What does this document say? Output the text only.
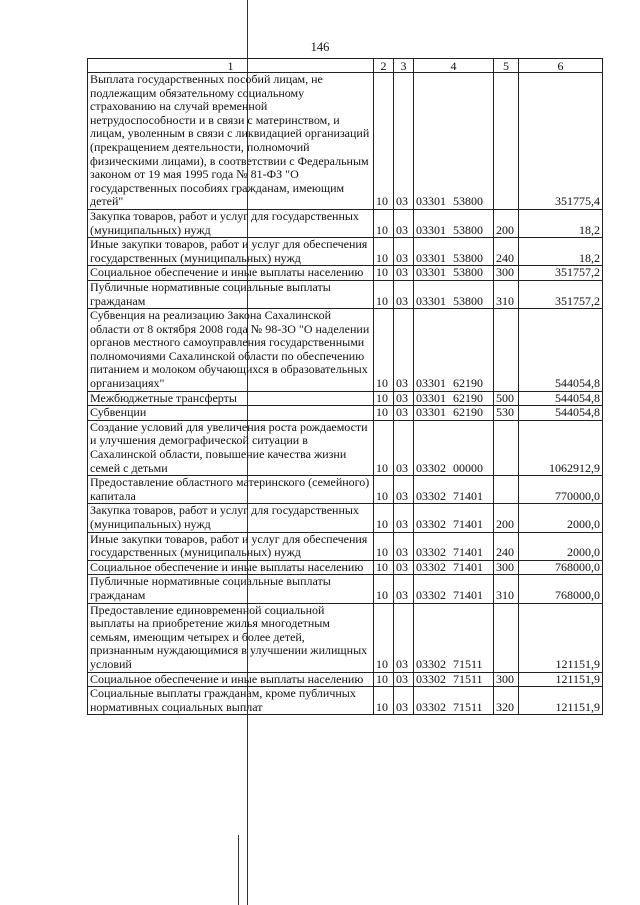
146
1	2	3	4	5	6
Выплата государственных пособий лицам, не подлежащим обязательному социальному страхованию на случай временной нетрудоспособности и в связи с материнством, и лицам, уволенным в связи с ликвидацией организаций (прекращением деятельности, полномочий физическими лицами), в соответствии с Федеральным законом от 19 мая 1995 года № 81-ФЗ "О государственных пособиях гражданам, имеющим детей"	10	03	03301 53800		351775,4
Закупка товаров, работ и услуг для государственных (муниципальных) нужд	10	03	03301 53800	200	18,2
Иные закупки товаров, работ и услуг для обеспечения государственных (муниципальных) нужд	10	03	03301 53800	240	18,2
Социальное обеспечение и иные выплаты населению	10	03	03301 53800	300	351757,2
Публичные нормативные социальные выплаты гражданам	10	03	03301 53800	310	351757,2
Субвенция на реализацию Закона Сахалинской области от 8 октября 2008 года № 98-ЗО "О наделении органов местного самоуправления государственными полномочиями Сахалинской области по обеспечению питанием и молоком обучающихся в образовательных организациях"	10	03	03301 62190		544054,8
Межбюджетные трансферты	10	03	03301 62190	500	544054,8
Субвенции	10	03	03301 62190	530	544054,8
Создание условий для увеличения роста рождаемости и улучшения демографической ситуации в Сахалинской области, повышение качества жизни семей с детьми	10	03	03302 00000		1062912,9
Предоставление областного материнского (семейного) капитала	10	03	03302 71401		770000,0
Закупка товаров, работ и услуг для государственных (муниципальных) нужд	10	03	03302 71401	200	2000,0
Иные закупки товаров, работ и услуг для обеспечения государственных (муниципальных) нужд	10	03	03302 71401	240	2000,0
Социальное обеспечение и иные выплаты населению	10	03	03302 71401	300	768000,0
Публичные нормативные социальные выплаты гражданам	10	03	03302 71401	310	768000,0
Предоставление единовременной социальной выплаты на приобретение жилья многодетным семьям, имеющим четырех и более детей, признанным нуждающимися в улучшении жилищных условий	10	03	03302 71511		121151,9
Социальное обеспечение и иные выплаты населению	10	03	03302 71511	300	121151,9
Социальные выплаты гражданам, кроме публичных нормативных социальных выплат	10	03	03302 71511	320	121151,9
